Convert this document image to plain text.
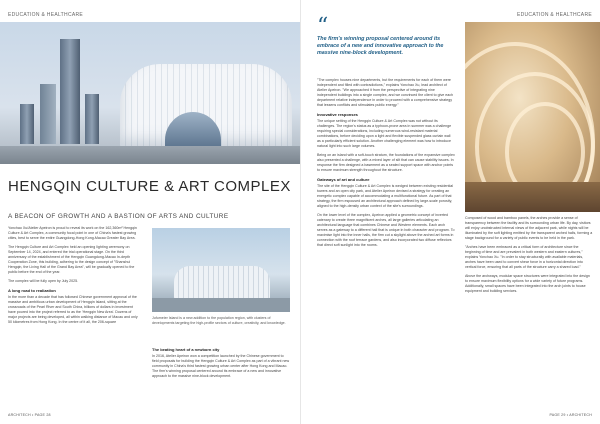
EDUCATION & HEALTHCARE
HENGQIN CULTURE & ART COMPLEX
A BEACON OF GROWTH AND A BASTION OF ARTS AND CULTURE

Yonchao Xu/Atelier Apeiron is proud to reveal its work on the 162,360m² Hengqin Culture & Art Complex, a community focal point in one of China's fastest growing cities, best to serve the entire Guangdong-Hong Kong-Macao Greater Bay Area.

The Hengqin Culture and Art Complex held an opening lighting ceremony on September 14, 2024, and entered the trial operational stage. On the third anniversary of the establishment of the Hengqin Guangdong-Macao In-depth Cooperation Zone, this building, adhering to the design concept of "Shanshui Hengqin, the Living Hall of the Grand Bay Area", will be gradually opened to the public before the end of the year.

The complex will be fully open by July 2025.

A long road to realization

In the more than a decade that has followed Chinese government approval of the massive and ambitious urban development of Hengqin Island, sitting at the crossroads of the Pearl River and South China, billions of dollars in investment have poured into the project referred to as the 'Hengqin New Area'. Dozens of major projects are being developed, all within walking distance of Macau and only 50 kilometres from Hong Kong. In the centre of it all, the 206-square

Jufumeier Island is a new addition to the population region, with clusters of developments targeting the high-profile sectors of culture, creativity, and knowledge.
The beating heart of a newborn city

In 2016, Atelier Apeiron won a competition launched by the Chinese government to field proposals for building the Hengqin Culture & Art Complex as part of a vibrant new community in China's third fastest growing urban center after Hong Kong and Macao. The firm's winning proposal centered around its embrace of a new and innovative approach to the massive nine-block development.

ARCHITECH • PAGE 28
EDUCATION & HEALTHCARE
“
The firm's winning proposal centered around its embrace of a new and innovative approach to the massive nine-block development.

"The complex houses nine departments, but the requirements for each of them were independent and filled with contradictions," explains Yonchao Xu, lead architect of Atelier Apeiron. "We approached it from the perspective of integrating nine independent buildings into a single complex, and we convinced the client to give each department relative independence in order to proceed with a comprehensive strategy that lessens conflicts and stimulates public energy."

Innovative responses

The unique setting of the Hengqin Culture & Art Complex was not without its challenges. The region's status as a typhoon-prone area in summer was a challenge requiring special considerations, including numerous wind-resistant material combinations, before deciding upon a light and flexible suspended glass curtain wall as a particularly efficient solution. Another challenging element was how to introduce natural light into such large volumes.

Being on an island with a soft-touch stratum, the foundations of the expansive complex also presented a challenge, with a mixed layer of silt that can cause stability issues. In response the firm designed a basement as a sealed support space with anchor points to ensure maximum strength throughout the structure.

Gateways of art and culture

The site of the Hengqin Culture & Art Complex is wedged between existing residential towers and an open city park, and Atelier Apeiron devised a strategy for creating an energetic complex capable of accommodating a multifunctional future. As part of that strategy, the firm espoused an architectural approach defined by large-scale porosity, aligned to the high-density urban context of the site's surroundings.

On the lower level of the complex, Apeiron applied a geometric concept of inverted catenary to create three magnificent arches, all large galleries articulating an architectural language that combines Chinese and Western elements. Each arch serves as a gateway to a different hall that is unique in both character and program. To maximise light into the inner halls, the firm cut a skylight above the arched art forms in connection with the roof terrace gardens, and also incorporated two diffuse reflectors that direct soft sunlight into the rooms.

Composed of wood and bamboo panels, the arches provide a sense of transparency between the facility and its surrounding urban life. By day, visitors will enjoy unobstructed internal views of the adjacent park, while nights will be illuminated by the soft lighting emitted by the transparent arched halls, forming a stage background for a variety of public events to be held in the park.

"Arches have been embraced as a critical form of architecture since the beginning of time and are prevalent in both western and eastern cultures," explains Yonchao Xu. "In order to stay structurally with available materials, arches have been used to convert shear force in a horizontal direction into vertical force, ensuring that all parts of the structure carry a shared load."

Above the archways, modular space structures were integrated into the design to ensure maximum flexibility options for a wide variety of future programs. Additionally, small spaces have been integrated into the arch joints to house equipment and building services.

PAGE 29 • ARCHITECH
